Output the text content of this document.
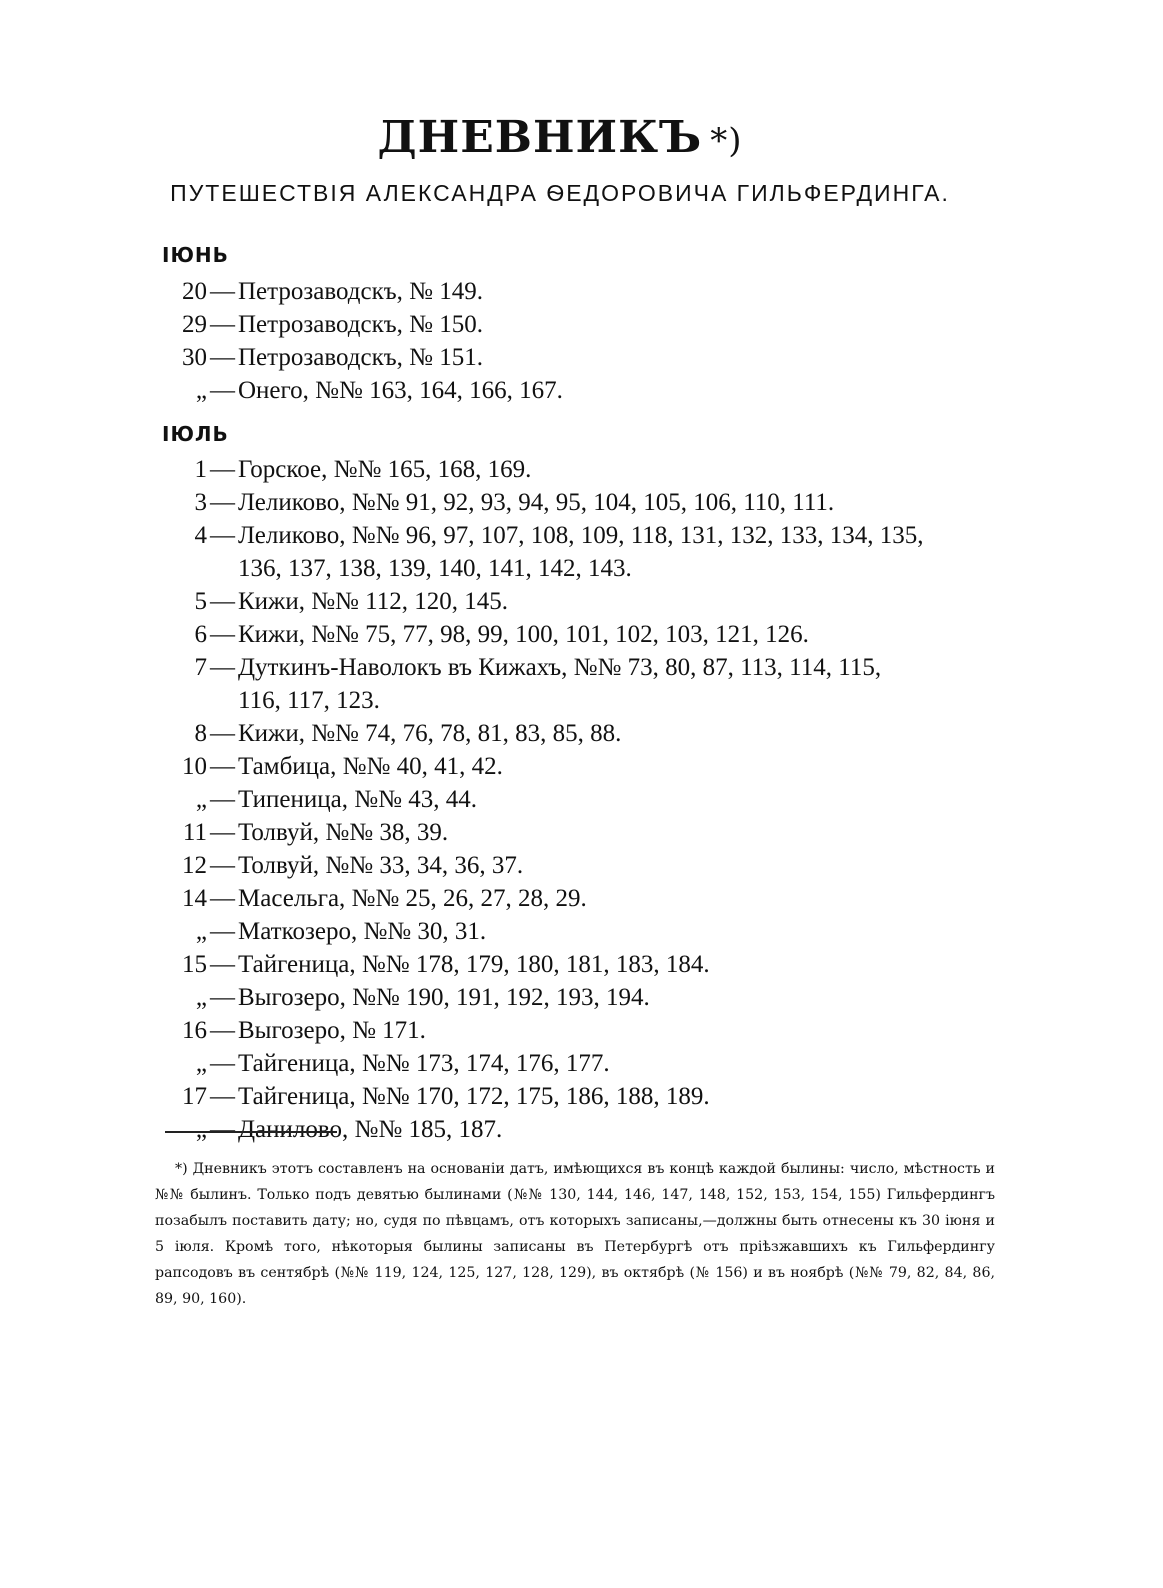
ДНЕВНИКЪ *)
ПУТЕШЕСТВІЯ АЛЕКСАНДРА ѲЕДОРОВИЧА ГИЛЬФЕРДИНГА.
ІЮНЬ
20 — Петрозаводскъ, № 149.
29 — Петрозаводскъ, № 150.
30 — Петрозаводскъ, № 151.
„ — Онего, №№ 163, 164, 166, 167.
ІЮЛЬ
1 — Горское, №№ 165, 168, 169.
3 — Леликово, №№ 91, 92, 93, 94, 95, 104, 105, 106, 110, 111.
4 — Леликово, №№ 96, 97, 107, 108, 109, 118, 131, 132, 133, 134, 135,
136, 137, 138, 139, 140, 141, 142, 143.
5 — Кижи, №№ 112, 120, 145.
6 — Кижи, №№ 75, 77, 98, 99, 100, 101, 102, 103, 121, 126.
7 — Дуткинъ-Наволокъ въ Кижахъ, №№ 73, 80, 87, 113, 114, 115,
116, 117, 123.
8 — Кижи, №№ 74, 76, 78, 81, 83, 85, 88.
10 — Тамбица, №№ 40, 41, 42.
„ — Типеница, №№ 43, 44.
11 — Толвуй, №№ 38, 39.
12 — Толвуй, №№ 33, 34, 36, 37.
14 — Масельга, №№ 25, 26, 27, 28, 29.
„ — Маткозеро, №№ 30, 31.
15 — Тайгеница, №№ 178, 179, 180, 181, 183, 184.
„ — Выгозеро, №№ 190, 191, 192, 193, 194.
16 — Выгозеро, № 171.
„ — Тайгеница, №№ 173, 174, 176, 177.
17 — Тайгеница, №№ 170, 172, 175, 186, 188, 189.
„ — Данилово, №№ 185, 187.
*) Дневникъ этотъ составленъ на основаніи датъ, имѣющихся въ концѣ каждой былины: число, мѣстность и №№ былинъ. Только подъ девятью былинами (№№ 130, 144, 146, 147, 148, 152, 153, 154, 155) Гильфердингъ позабылъ поставить дату; но, судя по пѣвцамъ, отъ которыхъ записаны,—должны быть отнесены къ 30 іюня и 5 іюля. Кромѣ того, нѣкоторыя былины записаны въ Петербургѣ отъ пріѣзжавшихъ къ Гильфердингу рапсодовъ въ сентябрѣ (№№ 119, 124, 125, 127, 128, 129), въ октябрѣ (№ 156) и въ ноябрѣ (№№ 79, 82, 84, 86, 89, 90, 160).
